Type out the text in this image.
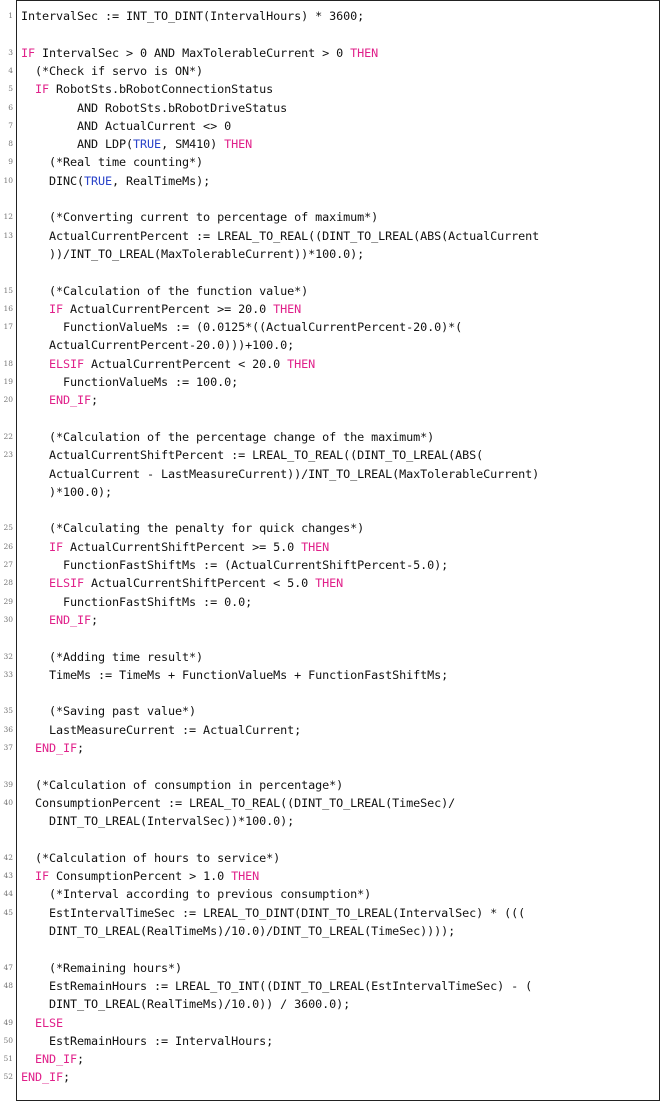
1 IntervalSec := INT_TO_DINT(IntervalHours) * 3600;
3 IF IntervalSec > 0 AND MaxTolerableCurrent > 0 THEN
4 (*Check if servo is ON*)
5	IF RobotSts.bRobotConnectionStatus
6 AND RobotSts.bRobotDriveStatus
7 AND ActualCurrent <> 0
8 AND LDP(TRUE, SM410) THEN
9 (*Real time counting*)
10 DINC(TRUE, RealTimeMs);
12 (*Converting current to percentage of maximum*)
13 ActualCurrentPercent := LREAL_TO_REAL((DINT_TO_LREAL(ABS(ActualCurrent
))/INT_TO_LREAL(MaxTolerableCurrent))*100.0);
15 (*Calculation of the function value*)
16	IF ActualCurrentPercent >= 20.0 THEN
17 FunctionValueMs := (0.0125*((ActualCurrentPercent-20.0)*(
ActualCurrentPercent-20.0)))+100.0;
18	ELSIF ActualCurrentPercent < 20.0 THEN
19 FunctionValueMs := 100.0;
20	END_IF;
22 (*Calculation of the percentage change of the maximum*)
23 ActualCurrentShiftPercent := LREAL_TO_REAL((DINT_TO_LREAL(ABS(
ActualCurrent - LastMeasureCurrent))/INT_TO_LREAL(MaxTolerableCurrent)
)*100.0);
25 (*Calculating the penalty for quick changes*)
26	IF ActualCurrentShiftPercent >= 5.0 THEN
27 FunctionFastShiftMs := (ActualCurrentShiftPercent-5.0);
28	ELSIF ActualCurrentShiftPercent < 5.0 THEN
29 FunctionFastShiftMs := 0.0;
30	END_IF;
32 (*Adding time result*)
33 TimeMs := TimeMs + FunctionValueMs + FunctionFastShiftMs;
35 (*Saving past value*)
36 LastMeasureCurrent := ActualCurrent;
37	END_IF;
39 (*Calculation of consumption in percentage*)
40 ConsumptionPercent := LREAL_TO_REAL((DINT_TO_LREAL(TimeSec)/
DINT_TO_LREAL(IntervalSec))*100.0);
42 (*Calculation of hours to service*)
43	IF ConsumptionPercent > 1.0 THEN
44 (*Interval according to previous consumption*)
45 EstIntervalTimeSec := LREAL_TO_DINT(DINT_TO_LREAL(IntervalSec) * (((
DINT_TO_LREAL(RealTimeMs)/10.0)/DINT_TO_LREAL(TimeSec))));
47 (*Remaining hours*)
48 EstRemainHours := LREAL_TO_INT((DINT_TO_LREAL(EstIntervalTimeSec) - (
DINT_TO_LREAL(RealTimeMs)/10.0)) / 3600.0);
49	ELSE
50 EstRemainHours := IntervalHours;
51	END_IF;
52 END_IF;
